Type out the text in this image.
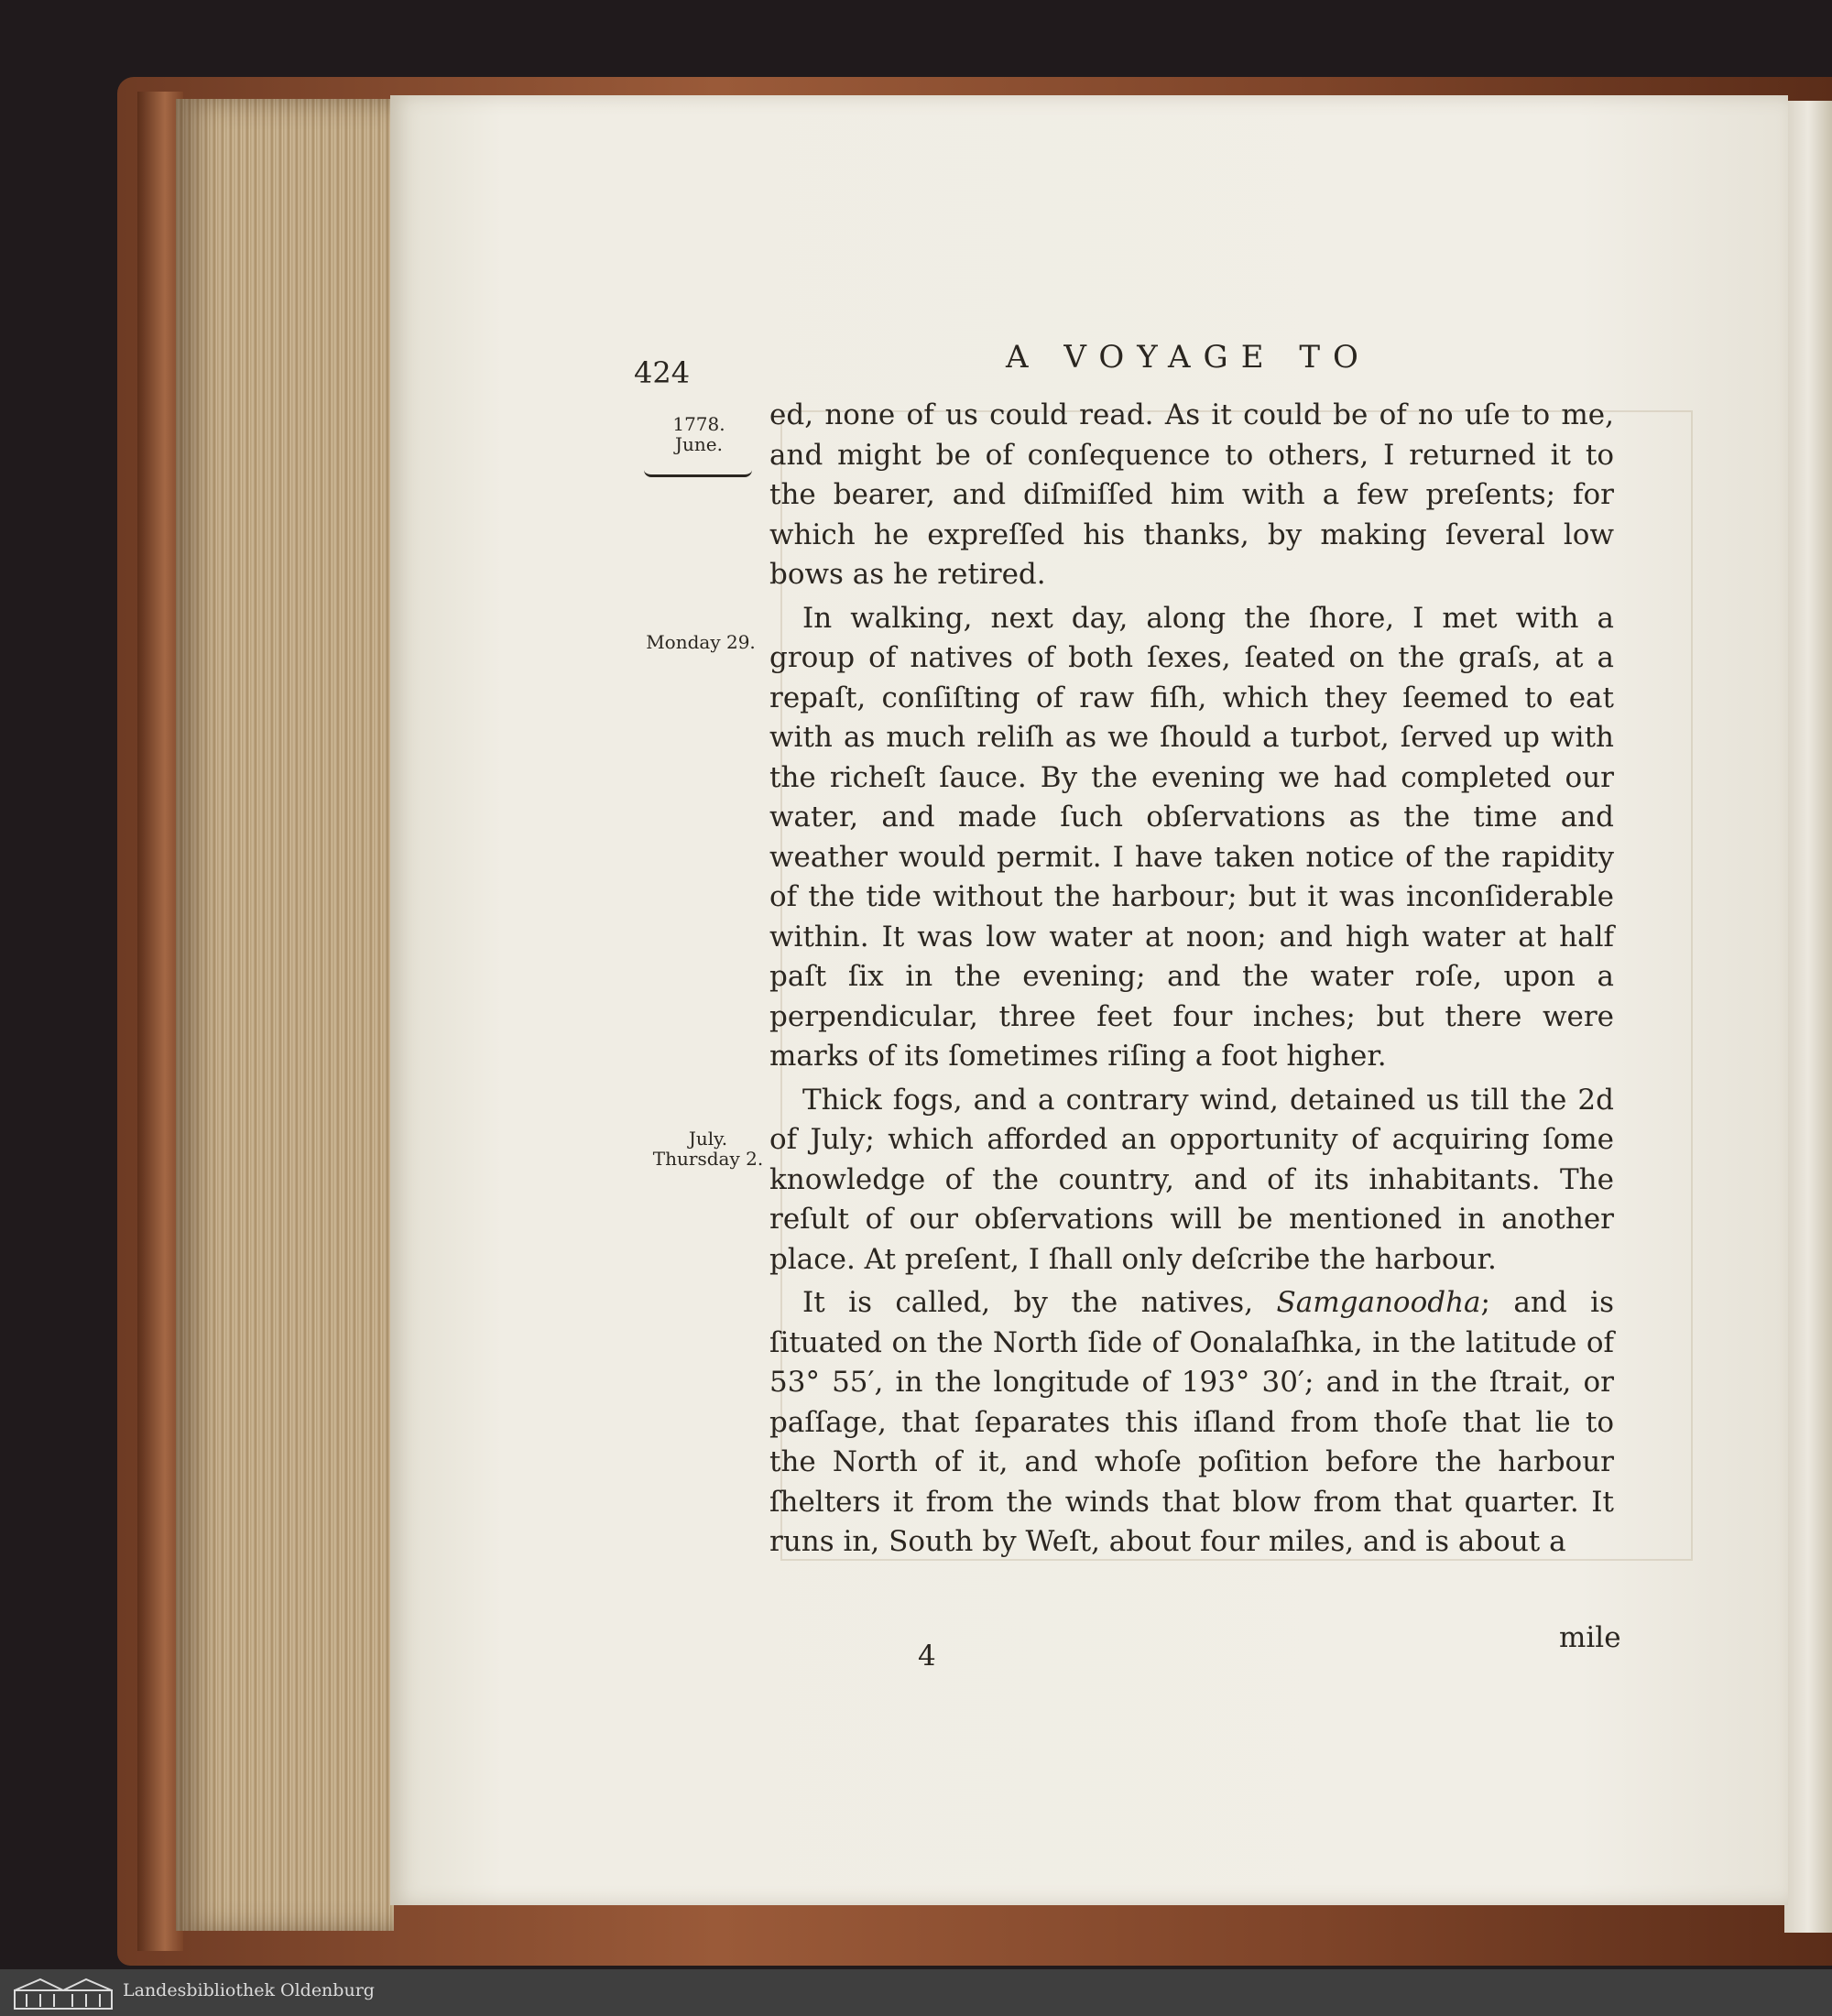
424	A VOYAGE TO
1778.
June.
Monday 29.
July.
Thursday 2.

ed, none of us could read. As it could be of no uſe to me, and might be of conſequence to others, I returned it to the bearer, and diſmiſſed him with a few preſents; for which he expreſſed his thanks, by making ſeveral low bows as he retired.

In walking, next day, along the ſhore, I met with a group of natives of both ſexes, ſeated on the graſs, at a repaſt, conſiſting of raw fiſh, which they ſeemed to eat with as much reliſh as we ſhould a turbot, ſerved up with the richeſt ſauce. By the evening we had completed our water, and made ſuch obſervations as the time and weather would permit. I have taken notice of the rapidity of the tide without the harbour; but it was inconſiderable within. It was low water at noon; and high water at half paſt ſix in the evening; and the water roſe, upon a perpendicular, three feet four inches; but there were marks of its ſometimes riſing a foot higher.

Thick fogs, and a contrary wind, detained us till the 2d of July; which afforded an opportunity of acquiring ſome knowledge of the country, and of its inhabitants. The reſult of our obſervations will be mentioned in another place. At preſent, I ſhall only deſcribe the harbour.

It is called, by the natives, Samganoodha; and is ſituated on the North ſide of Oonalaſhka, in the latitude of 53° 55′, in the longitude of 193° 30′; and in the ſtrait, or paſſage, that ſeparates this iſland from thoſe that lie to the North of it, and whoſe poſition before the harbour ſhelters it from the winds that blow from that quarter. It runs in, South by Weſt, about four miles, and is about a

4
mile
Landesbibliothek Oldenburg
